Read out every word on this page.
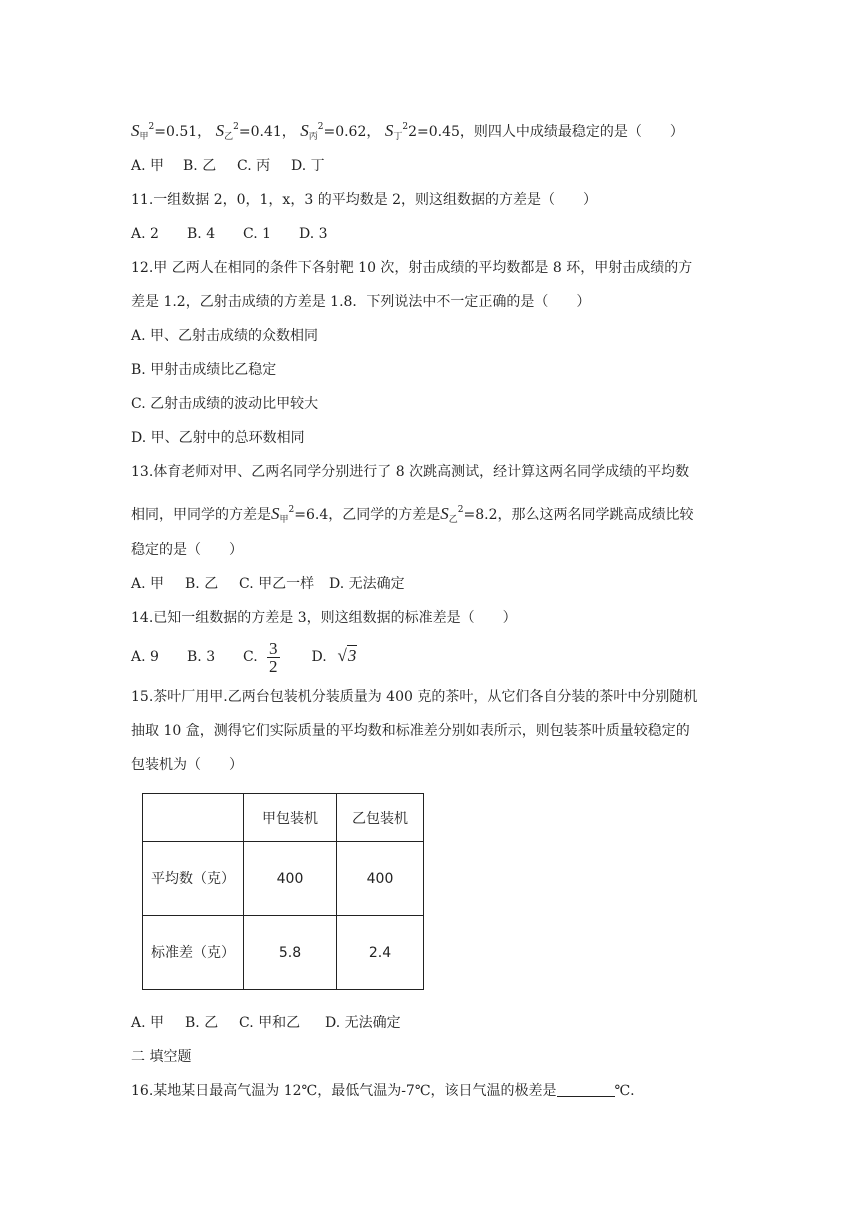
$S_甲^2=0.51$， $S_乙^2=0.41$， $S_丙^2=0.62$， $S_丁^22=0.45$，则四人中成绩最稳定的是（　　）
A. 甲 B. 乙 C. 丙 D. 丁
11.一组数据 2，0，1，x，3 的平均数是 2，则这组数据的方差是（　　）
A. 2 B. 4 C. 1 D. 3
12.甲 乙两人在相同的条件下各射靶 10 次，射击成绩的平均数都是 8 环，甲射击成绩的方
差是 1.2，乙射击成绩的方差是 1.8．下列说法中不一定正确的是（　　）
A. 甲、乙射击成绩的众数相同
B. 甲射击成绩比乙稳定
C. 乙射击成绩的波动比甲较大
D. 甲、乙射中的总环数相同
13.体育老师对甲、乙两名同学分别进行了 8 次跳高测试，经计算这两名同学成绩的平均数
相同，甲同学的方差是$S_甲^2=6.4$，乙同学的方差是$S_乙^2=8.2$，那么这两名同学跳高成绩比较
稳定的是（　　）
A. 甲 B. 乙 C. 甲乙一样 D. 无法确定
14.已知一组数据的方差是 3，则这组数据的标准差是（　　）
A. 9 B. 3 C. $\frac{3}{2} D$. √3
15.茶叶厂用甲.乙两台包装机分装质量为 400 克的茶叶，从它们各自分装的茶叶中分别随机
抽取 10 盒，测得它们实际质量的平均数和标准差分别如表所示，则包装茶叶质量较稳定的
包装机为（　　）
	甲包装机	乙包装机
平均数（克）	400	400
标准差（克）	5.8	2.4
A. 甲 B. 乙 C. 甲和乙 D. 无法确定
二 填空题
16.某地某日最高气温为 12℃，最低气温为-7℃，该日气温的极差是	℃.
